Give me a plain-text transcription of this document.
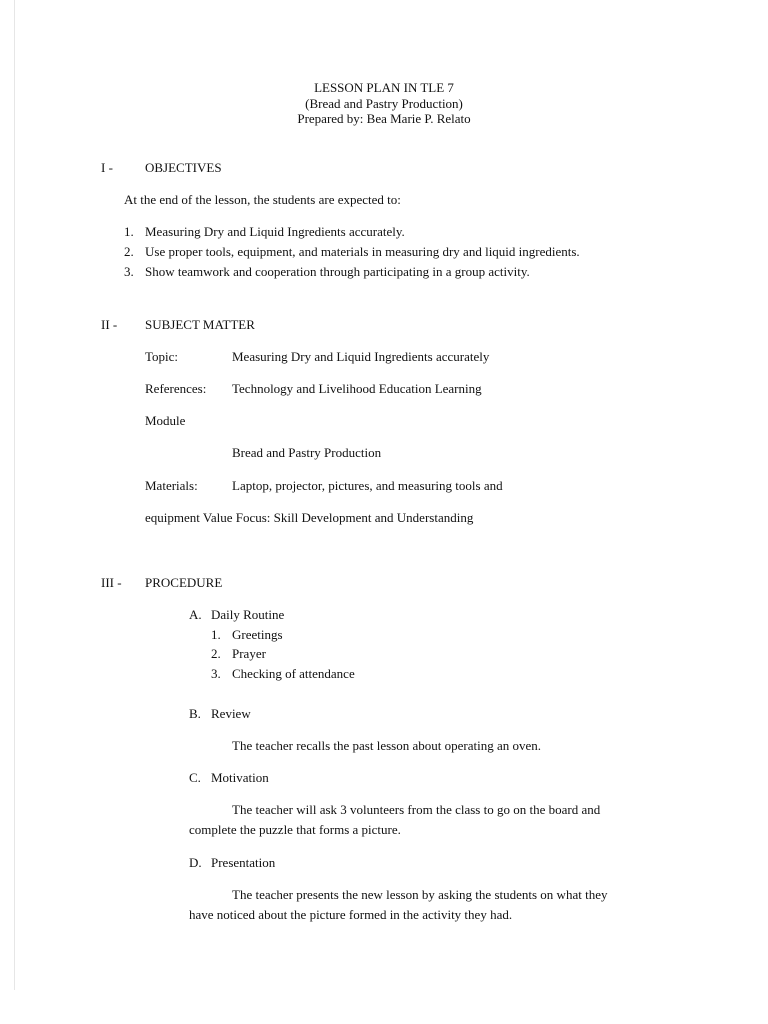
LESSON PLAN IN TLE 7
(Bread and Pastry Production)
Prepared by: Bea Marie P. Relato
I - OBJECTIVES
At the end of the lesson, the students are expected to:
1. Measuring Dry and Liquid Ingredients accurately.
2. Use proper tools, equipment, and materials in measuring dry and liquid ingredients.
3. Show teamwork and cooperation through participating in a group activity.
II - SUBJECT MATTER
Topic:	Measuring Dry and Liquid Ingredients accurately
References: Technology and Livelihood Education Learning
Module
Bread and Pastry Production
Materials:	Laptop, projector, pictures, and measuring tools and
equipment Value Focus: Skill Development and Understanding
III - PROCEDURE
A. Daily Routine
1. Greetings
2. Prayer
3. Checking of attendance
B. Review
The teacher recalls the past lesson about operating an oven.
C. Motivation
The teacher will ask 3 volunteers from the class to go on the board and
complete the puzzle that forms a picture.
D. Presentation
The teacher presents the new lesson by asking the students on what they
have noticed about the picture formed in the activity they had.
